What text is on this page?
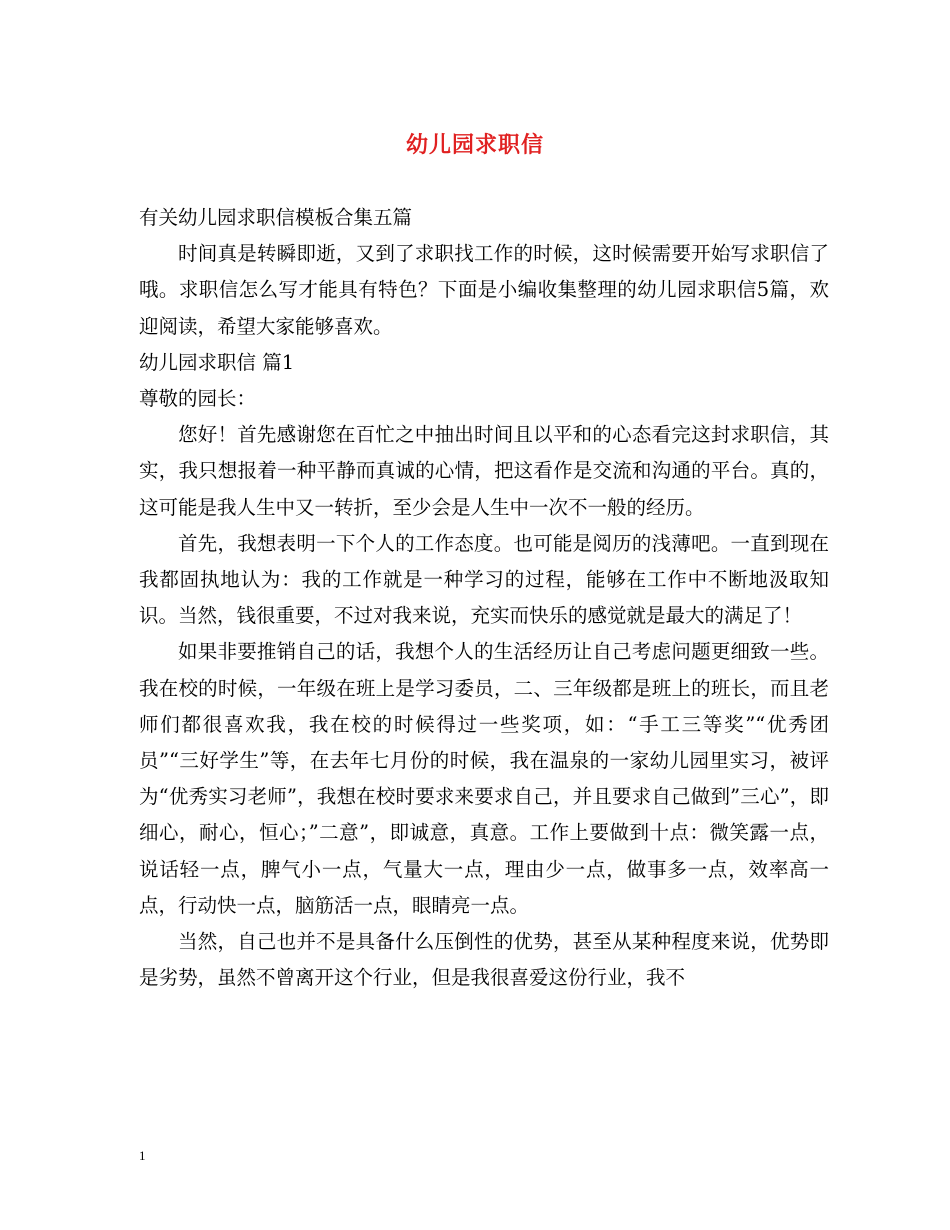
幼儿园求职信

有关幼儿园求职信模板合集五篇

时间真是转瞬即逝，又到了求职找工作的时候，这时候需要开始写求职信了哦。求职信怎么写才能具有特色？下面是小编收集整理的幼儿园求职信5篇，欢迎阅读，希望大家能够喜欢。

幼儿园求职信 篇1

尊敬的园长：

您好！首先感谢您在百忙之中抽出时间且以平和的心态看完这封求职信，其实，我只想报着一种平静而真诚的心情，把这看作是交流和沟通的平台。真的，这可能是我人生中又一转折，至少会是人生中一次不一般的经历。

首先，我想表明一下个人的工作态度。也可能是阅历的浅薄吧。一直到现在我都固执地认为：我的工作就是一种学习的过程，能够在工作中不断地汲取知识。当然，钱很重要，不过对我来说，充实而快乐的感觉就是最大的满足了！

如果非要推销自己的话，我想个人的生活经历让自己考虑问题更细致一些。我在校的时候，一年级在班上是学习委员，二、三年级都是班上的班长，而且老师们都很喜欢我，我在校的时候得过一些奖项，如：“手工三等奖”“优秀团员”“三好学生”等，在去年七月份的时候，我在温泉的一家幼儿园里实习，被评为“优秀实习老师”，我想在校时要求来要求自己，并且要求自己做到”三心”，即细心，耐心，恒心；”二意”，即诚意，真意。工作上要做到十点：微笑露一点，说话轻一点，脾气小一点，气量大一点，理由少一点，做事多一点，效率高一点，行动快一点，脑筋活一点，眼睛亮一点。

当然，自己也并不是具备什么压倒性的优势，甚至从某种程度来说，优势即是劣势，虽然不曾离开这个行业，但是我很喜爱这份行业，我不

1
